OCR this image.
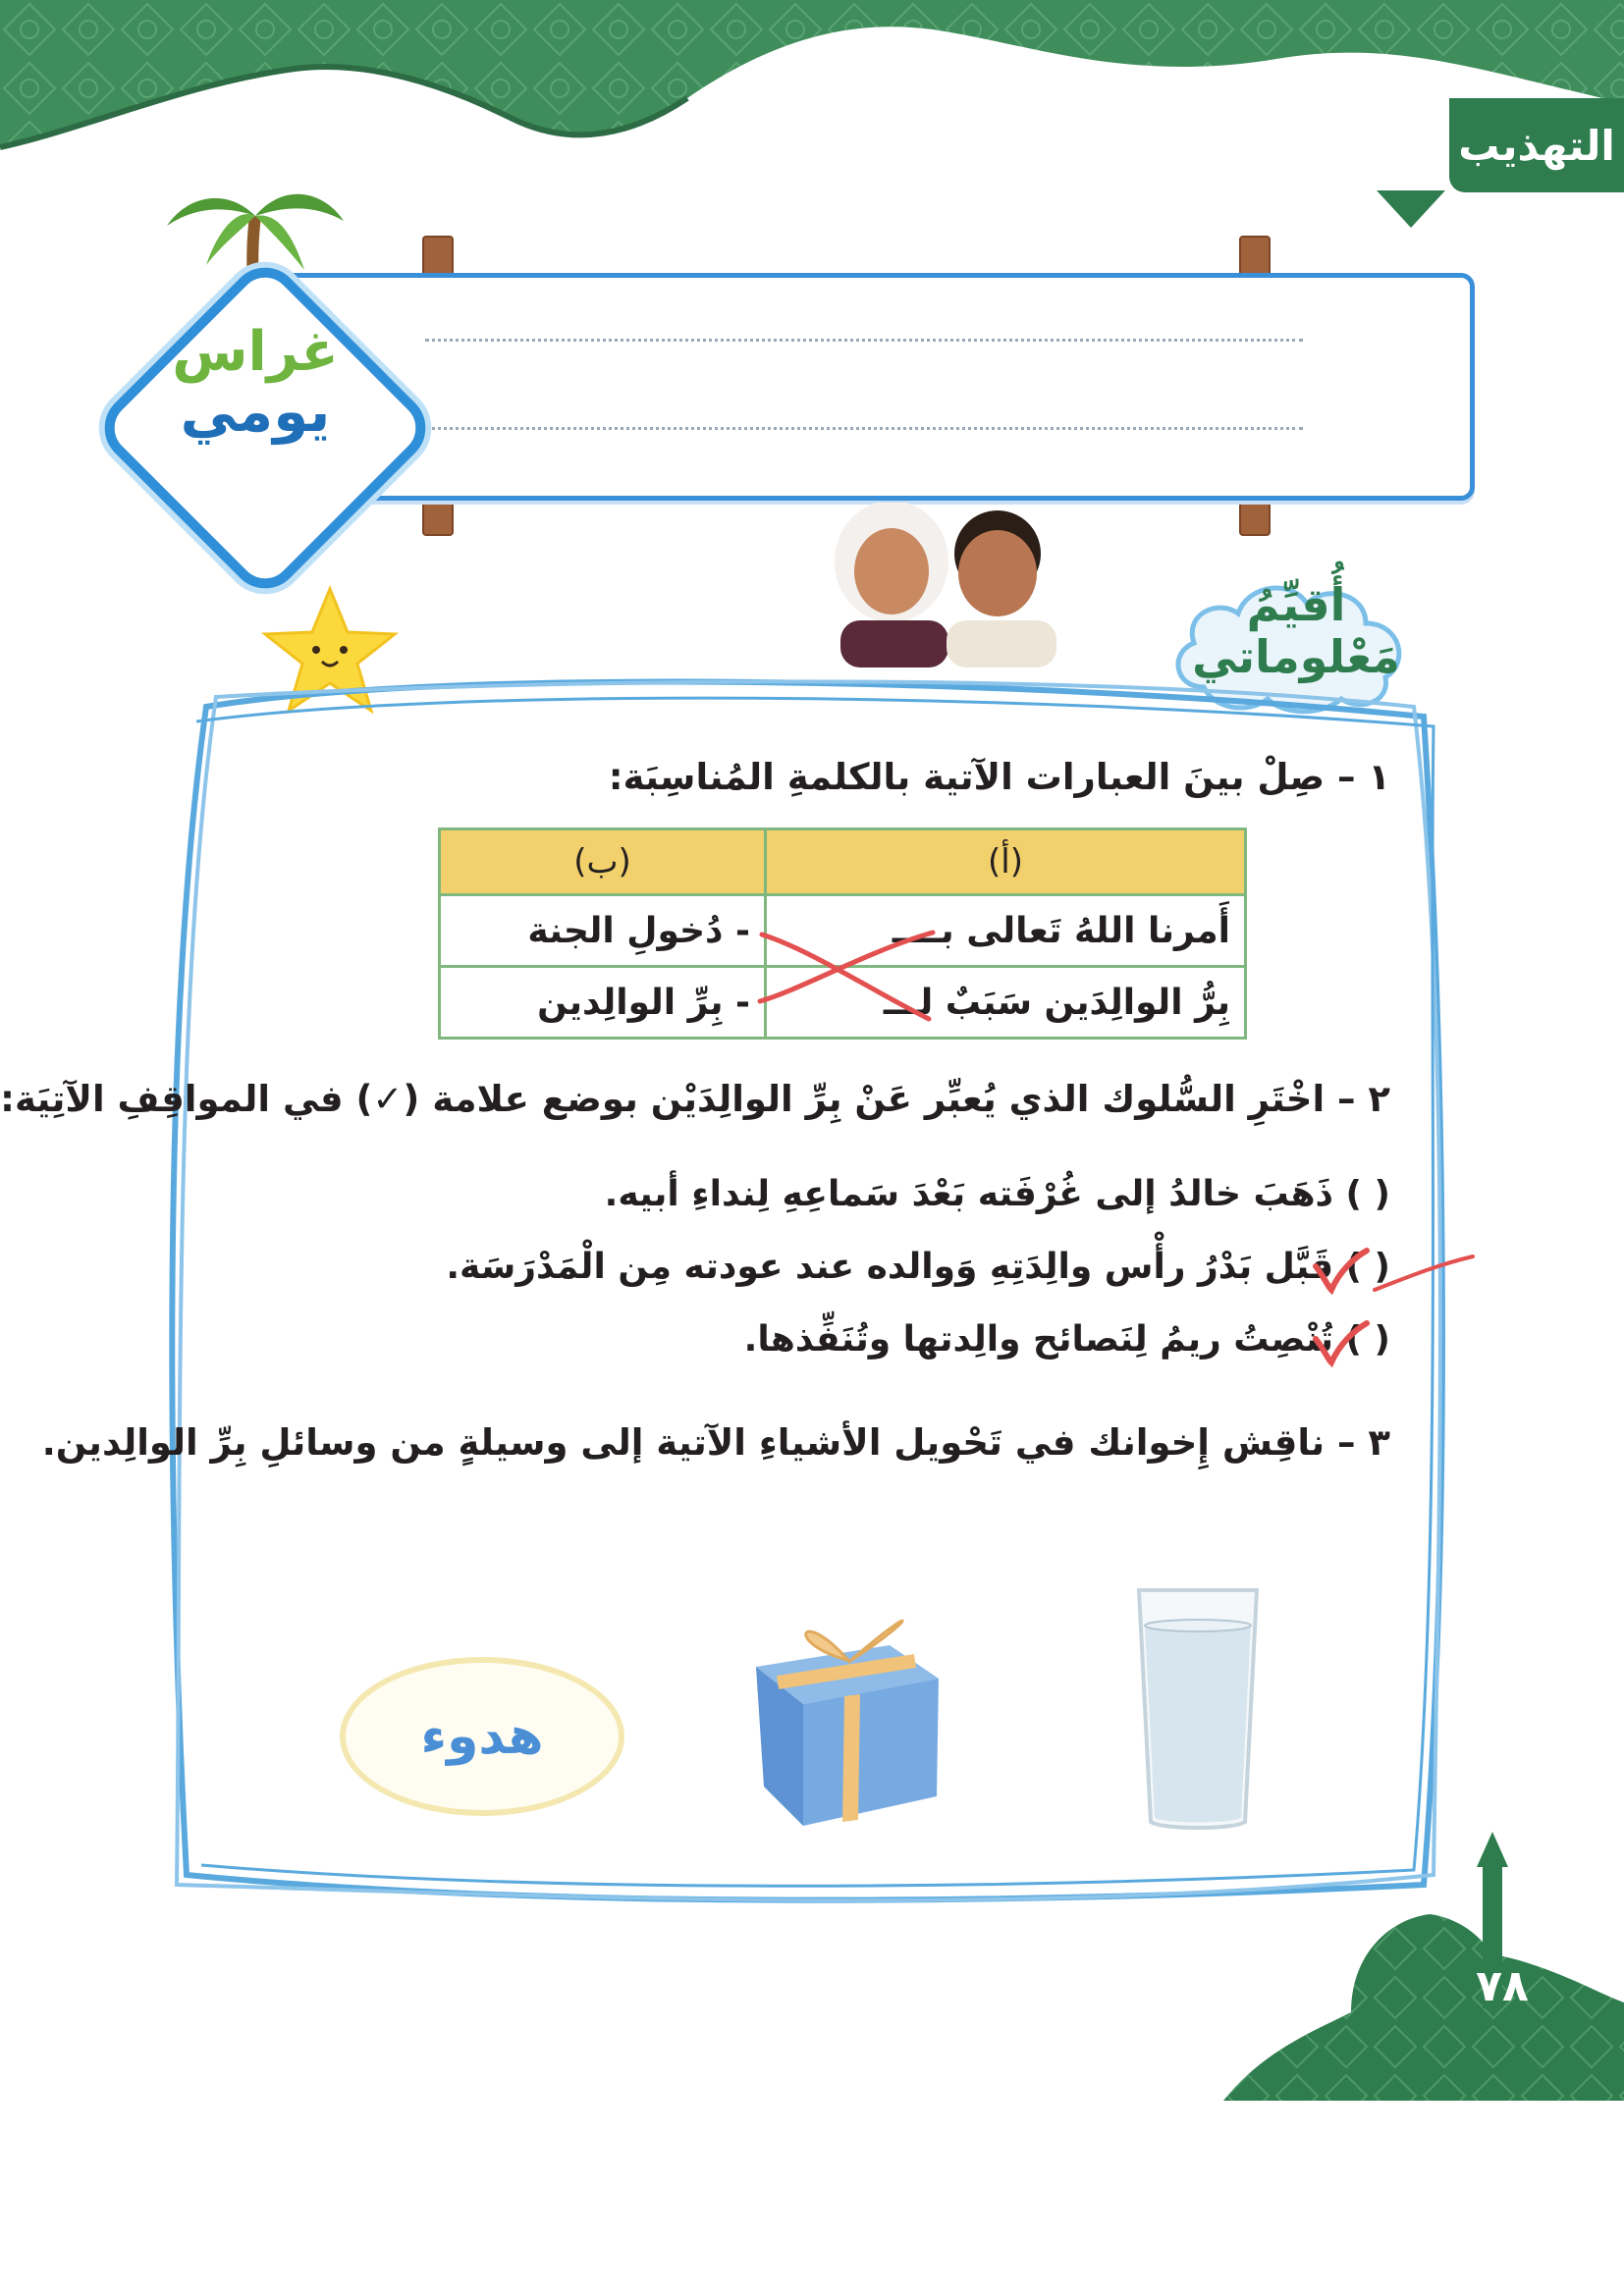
التهذيب
غراس
يومي
أُقيِّمُ
مَعْلوماتي
١ – صِلْ بينَ العبارات الآتية بالكلمةِ المُناسِبَة:
(أ)	(ب)
أَمرنا اللهُ تَعالى بــــ	- دُخولِ الجنة
بِرُّ الوالِدَين سَبَبٌ لـــ	- بِرِّ الوالِدين
٢ – اخْتَرِ السُّلوك الذي يُعبِّر عَنْ بِرِّ الوالِدَيْن بوضع علامة (✓) في المواقِفِ الآتِيَة:
( ) ذَهَبَ خالدُ إلى غُرْفَته بَعْدَ سَماعِهِ لِنداءِ أبيه.
( ) قَبَّل بَدْرُ رأْس والِدَتِهِ وَوالده عند عودته مِن الْمَدْرَسَة.
( ) تُنْصِتُ ريمُ لِنَصائح والِدتها وتُنَفِّذها.
٣ – ناقِش إِخوانك في تَحْويل الأشياءِ الآتية إلى وسيلةٍ من وسائلِ بِرِّ الوالِدين.
هدوء
٧٨
